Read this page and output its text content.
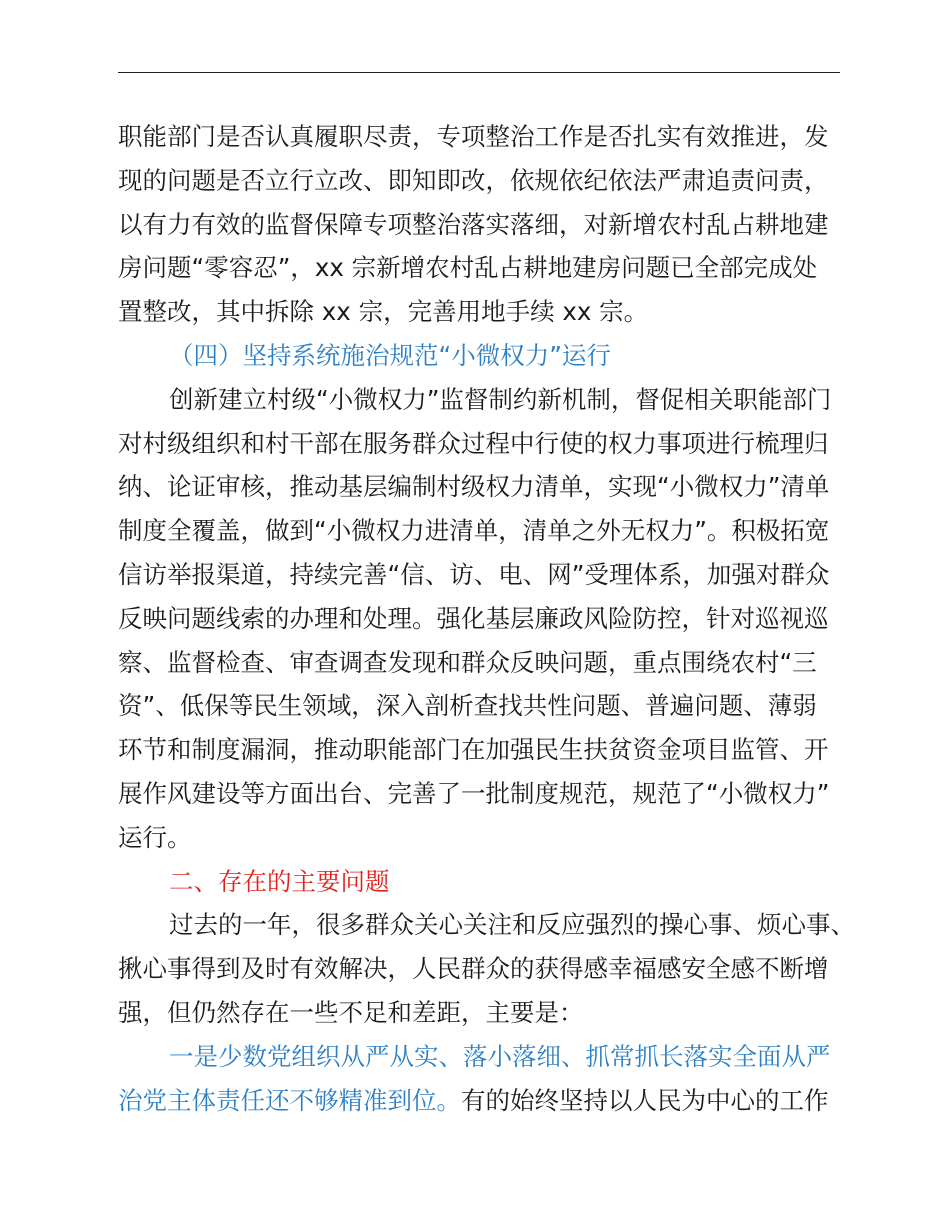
职能部门是否认真履职尽责，专项整治工作是否扎实有效推进，发
现的问题是否立行立改、即知即改，依规依纪依法严肃追责问责，
以有力有效的监督保障专项整治落实落细，对新增农村乱占耕地建
房问题“零容忍”，xx 宗新增农村乱占耕地建房问题已全部完成处
置整改，其中拆除 xx 宗，完善用地手续 xx 宗。
（四）坚持系统施治规范“小微权力”运行
创新建立村级“小微权力”监督制约新机制，督促相关职能部门
对村级组织和村干部在服务群众过程中行使的权力事项进行梳理归
纳、论证审核，推动基层编制村级权力清单，实现“小微权力”清单
制度全覆盖，做到“小微权力进清单，清单之外无权力”。积极拓宽
信访举报渠道，持续完善“信、访、电、网”受理体系，加强对群众
反映问题线索的办理和处理。强化基层廉政风险防控，针对巡视巡
察、监督检查、审查调查发现和群众反映问题，重点围绕农村“三
资”、低保等民生领域，深入剖析查找共性问题、普遍问题、薄弱
环节和制度漏洞，推动职能部门在加强民生扶贫资金项目监管、开
展作风建设等方面出台、完善了一批制度规范，规范了“小微权力”
运行。
二、存在的主要问题
过去的一年，很多群众关心关注和反应强烈的操心事、烦心事、
揪心事得到及时有效解决，人民群众的获得感幸福感安全感不断增
强，但仍然存在一些不足和差距，主要是：
一是少数党组织从严从实、落小落细、抓常抓长落实全面从严
治党主体责任还不够精准到位。有的始终坚持以人民为中心的工作
